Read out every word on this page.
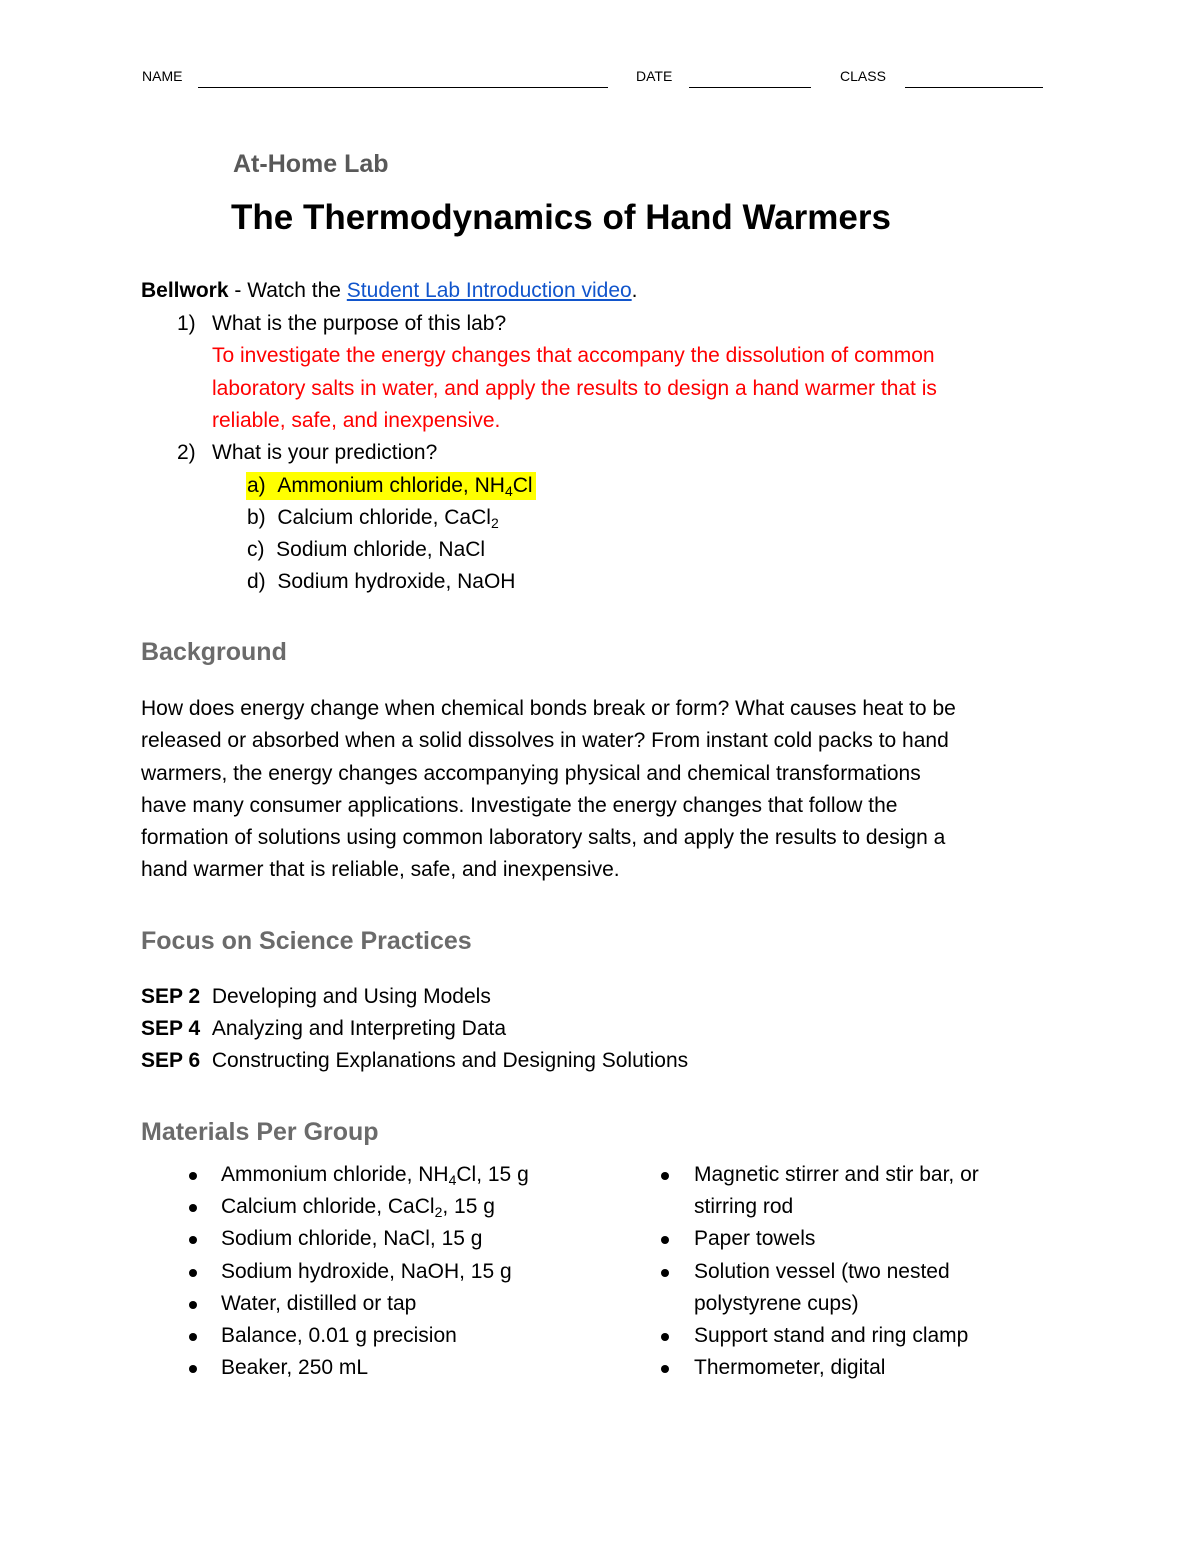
NAME	DATE	CLASS
At-Home Lab
The Thermodynamics of Hand Warmers
Bellwork - Watch the Student Lab Introduction video.
1) What is the purpose of this lab?
To investigate the energy changes that accompany the dissolution of common
laboratory salts in water, and apply the results to design a hand warmer that is
reliable, safe, and inexpensive.
2) What is your prediction?
a) Ammonium chloride, $NH_4Cl$
b) Calcium chloride, CaCl$_2$
c) Sodium chloride, NaCl
d) Sodium hydroxide, NaOH
Background
How does energy change when chemical bonds break or form? What causes heat to be
released or absorbed when a solid dissolves in water? From instant cold packs to hand
warmers, the energy changes accompanying physical and chemical transformations
have many consumer applications. Investigate the energy changes that follow the
formation of solutions using common laboratory salts, and apply the results to design a
hand warmer that is reliable, safe, and inexpensive.
Focus on Science Practices
SEP 2 Developing and Using Models
SEP 4 Analyzing and Interpreting Data
SEP 6 Constructing Explanations and Designing Solutions
Materials Per Group
Ammonium chloride, $NH_4Cl$, 15 g
Calcium chloride, CaCl$_2$, 15 g
Sodium chloride, NaCl, 15 g
Sodium hydroxide, NaOH, 15 g
Water, distilled or tap
Balance, 0.01 g precision
Beaker, 250 mL
Magnetic stirrer and stir bar, or
stirring rod
Paper towels
Solution vessel (two nested
polystyrene cups)
Support stand and ring clamp
Thermometer, digital
